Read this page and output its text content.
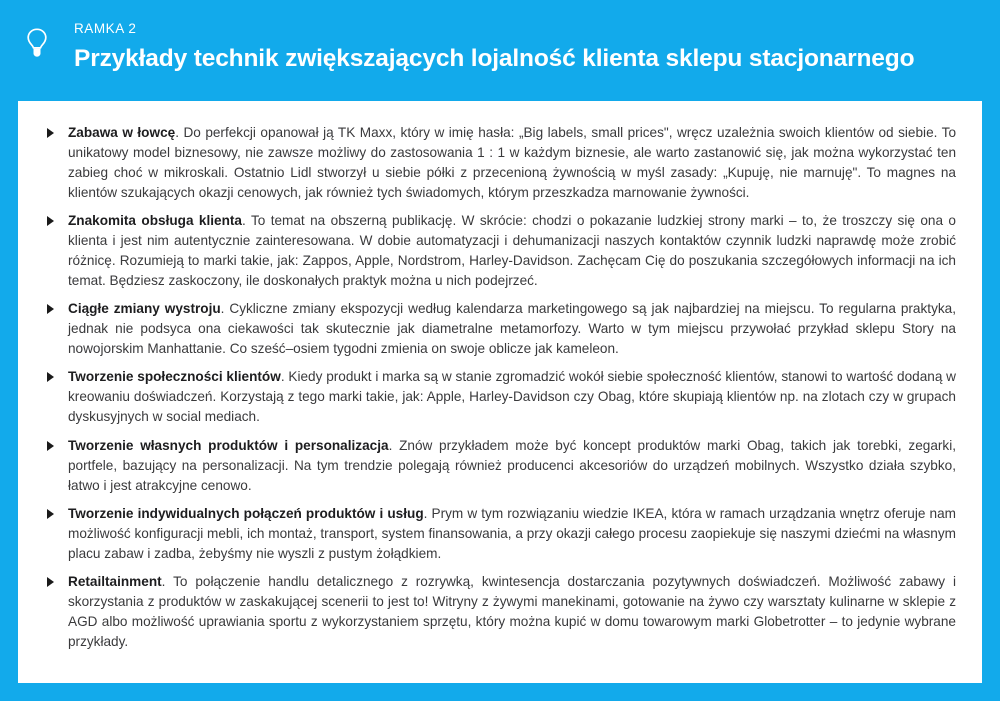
RAMKA 2
Przykłady technik zwiększających lojalność klienta sklepu stacjonarnego
Zabawa w łowcę. Do perfekcji opanował ją TK Maxx, który w imię hasła: „Big labels, small prices", wręcz uzależnia swoich klientów od siebie. To unikatowy model biznesowy, nie zawsze możliwy do zastosowania 1 : 1 w każdym biznesie, ale warto zastanowić się, jak można wykorzystać ten zabieg choć w mikroskali. Ostatnio Lidl stworzył u siebie półki z przecenioną żywnością w myśl zasady: „Kupuję, nie marnuję". To magnes na klientów szukających okazji cenowych, jak również tych świadomych, którym przeszkadza marnowanie żywności.
Znakomita obsługa klienta. To temat na obszerną publikację. W skrócie: chodzi o pokazanie ludzkiej strony marki – to, że troszczy się ona o klienta i jest nim autentycznie zainteresowana. W dobie automatyzacji i dehumanizacji naszych kontaktów czynnik ludzki naprawdę może zrobić różnicę. Rozumieją to marki takie, jak: Zappos, Apple, Nordstrom, Harley-Davidson. Zachęcam Cię do poszukania szczegółowych informacji na ich temat. Będziesz zaskoczony, ile doskonałych praktyk można u nich podejrzeć.
Ciągłe zmiany wystroju. Cykliczne zmiany ekspozycji według kalendarza marketingowego są jak najbardziej na miejscu. To regularna praktyka, jednak nie podsyca ona ciekawości tak skutecznie jak diametralne metamorfozy. Warto w tym miejscu przywołać przykład sklepu Story na nowojorskim Manhattanie. Co sześć–osiem tygodni zmienia on swoje oblicze jak kameleon.
Tworzenie społeczności klientów. Kiedy produkt i marka są w stanie zgromadzić wokół siebie społeczność klientów, stanowi to wartość dodaną w kreowaniu doświadczeń. Korzystają z tego marki takie, jak: Apple, Harley-Davidson czy Obag, które skupiają klientów np. na zlotach czy w grupach dyskusyjnych w social mediach.
Tworzenie własnych produktów i personalizacja. Znów przykładem może być koncept produktów marki Obag, takich jak torebki, zegarki, portfele, bazujący na personalizacji. Na tym trendzie polegają również producenci akcesoriów do urządzeń mobilnych. Wszystko działa szybko, łatwo i jest atrakcyjne cenowo.
Tworzenie indywidualnych połączeń produktów i usług. Prym w tym rozwiązaniu wiedzie IKEA, która w ramach urządzania wnętrz oferuje nam możliwość konfiguracji mebli, ich montaż, transport, system finansowania, a przy okazji całego procesu zaopiekuje się naszymi dziećmi na własnym placu zabaw i zadba, żebyśmy nie wyszli z pustym żołądkiem.
Retailtainment. To połączenie handlu detalicznego z rozrywką, kwintesencja dostarczania pozytywnych doświadczeń. Możliwość zabawy i skorzystania z produktów w zaskakującej scenerii to jest to! Witryny z żywymi manekinami, gotowanie na żywo czy warsztaty kulinarne w sklepie z AGD albo możliwość uprawiania sportu z wykorzystaniem sprzętu, który można kupić w domu towarowym marki Globetrotter – to jedynie wybrane przykłady.
